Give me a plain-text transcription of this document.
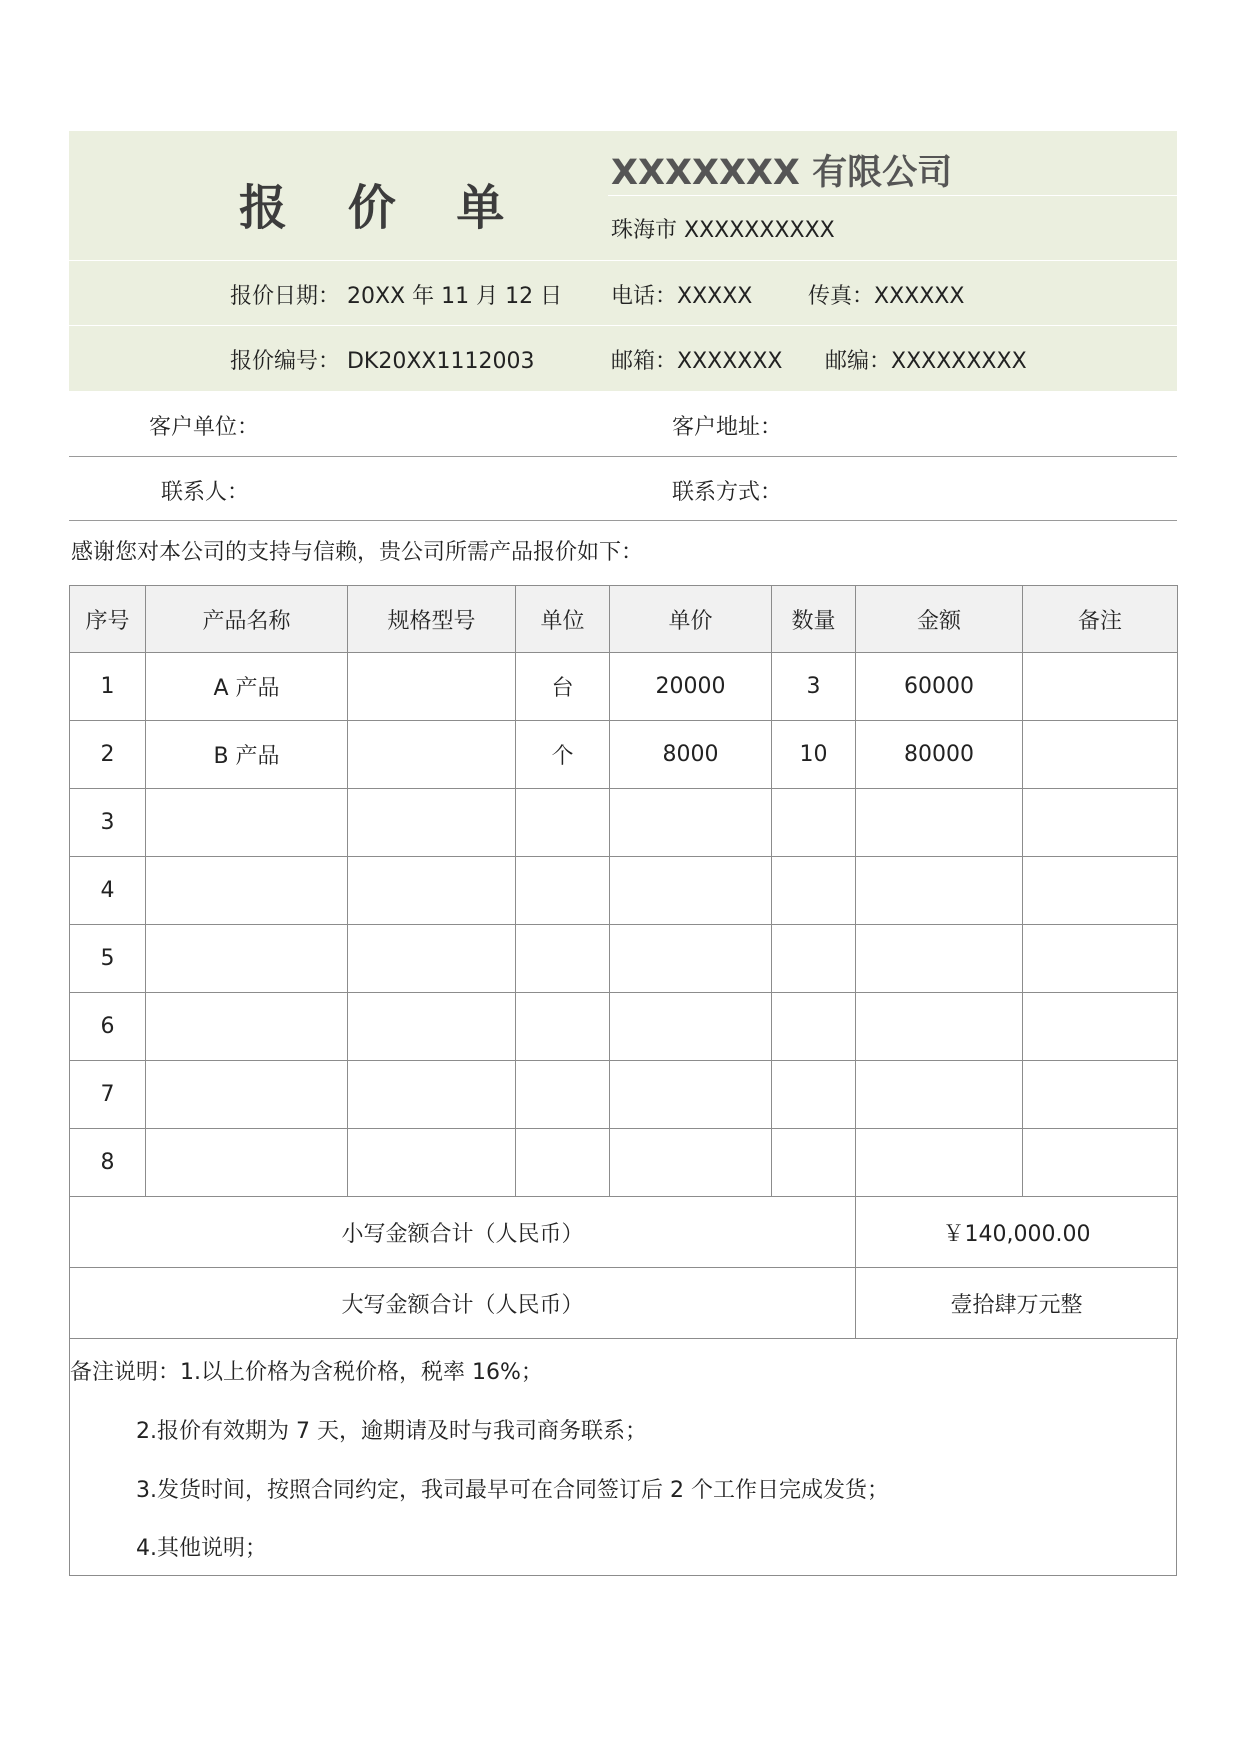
报 价 单
XXXXXXX 有限公司
珠海市 XXXXXXXXXX
报价日期： 20XX 年 11 月 12 日 电话：XXXXX	传真：XXXXXX
报价编号： DK20XX1112003	邮箱：XXXXXXX 邮编：XXXXXXXXX
客户单位：	客户地址：
联系人：	联系方式：
感谢您对本公司的支持与信赖，贵公司所需产品报价如下：
序号	产品名称	规格型号	单位	单价	数量	金额	备注
1	A 产品		台	20000	3	60000	
2	B 产品		个	8000	10	80000	
3							
4							
5							
6							
7							
8							
小写金额合计（人民币）						￥140,000.00	
大写金额合计（人民币）						壹拾肆万元整	
备注说明：1.以上价格为含税价格，税率 16%；
2.报价有效期为 7 天，逾期请及时与我司商务联系；
3.发货时间，按照合同约定，我司最早可在合同签订后 2 个工作日完成发货；
4.其他说明；
